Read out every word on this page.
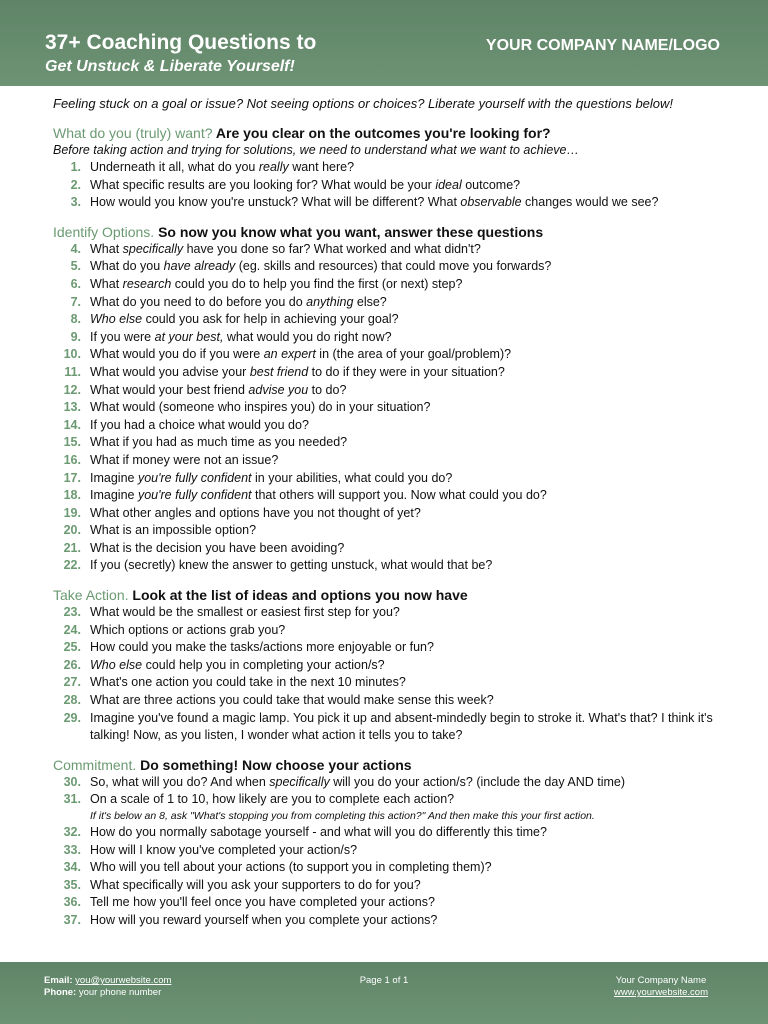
37+ Coaching Questions to
Get Unstuck & Liberate Yourself!
YOUR COMPANY NAME/LOGO
Feeling stuck on a goal or issue? Not seeing options or choices? Liberate yourself with the questions below!
What do you (truly) want? Are you clear on the outcomes you're looking for?
Before taking action and trying for solutions, we need to understand what we want to achieve…
1. Underneath it all, what do you really want here?
2. What specific results are you looking for? What would be your ideal outcome?
3. How would you know you're unstuck? What will be different? What observable changes would we see?
Identify Options. So now you know what you want, answer these questions
4. What specifically have you done so far? What worked and what didn't?
5. What do you have already (eg. skills and resources) that could move you forwards?
6. What research could you do to help you find the first (or next) step?
7. What do you need to do before you do anything else?
8. Who else could you ask for help in achieving your goal?
9. If you were at your best, what would you do right now?
10. What would you do if you were an expert in (the area of your goal/problem)?
11. What would you advise your best friend to do if they were in your situation?
12. What would your best friend advise you to do?
13. What would (someone who inspires you) do in your situation?
14. If you had a choice what would you do?
15. What if you had as much time as you needed?
16. What if money were not an issue?
17. Imagine you're fully confident in your abilities, what could you do?
18. Imagine you're fully confident that others will support you. Now what could you do?
19. What other angles and options have you not thought of yet?
20. What is an impossible option?
21. What is the decision you have been avoiding?
22. If you (secretly) knew the answer to getting unstuck, what would that be?
Take Action. Look at the list of ideas and options you now have
23. What would be the smallest or easiest first step for you?
24. Which options or actions grab you?
25. How could you make the tasks/actions more enjoyable or fun?
26. Who else could help you in completing your action/s?
27. What's one action you could take in the next 10 minutes?
28. What are three actions you could take that would make sense this week?
29. Imagine you've found a magic lamp. You pick it up and absent-mindedly begin to stroke it. What's that? I think it's talking! Now, as you listen, I wonder what action it tells you to take?
Commitment. Do something! Now choose your actions
30. So, what will you do? And when specifically will you do your action/s? (include the day AND time)
31. On a scale of 1 to 10, how likely are you to complete each action?
If it's below an 8, ask "What's stopping you from completing this action?" And then make this your first action.
32. How do you normally sabotage yourself - and what will you do differently this time?
33. How will I know you've completed your action/s?
34. Who will you tell about your actions (to support you in completing them)?
35. What specifically will you ask your supporters to do for you?
36. Tell me how you'll feel once you have completed your actions?
37. How will you reward yourself when you complete your actions?
Email: you@yourwebsite.com
Phone: your phone number
Page 1 of 1	Your Company Name
www.yourwebsite.com
